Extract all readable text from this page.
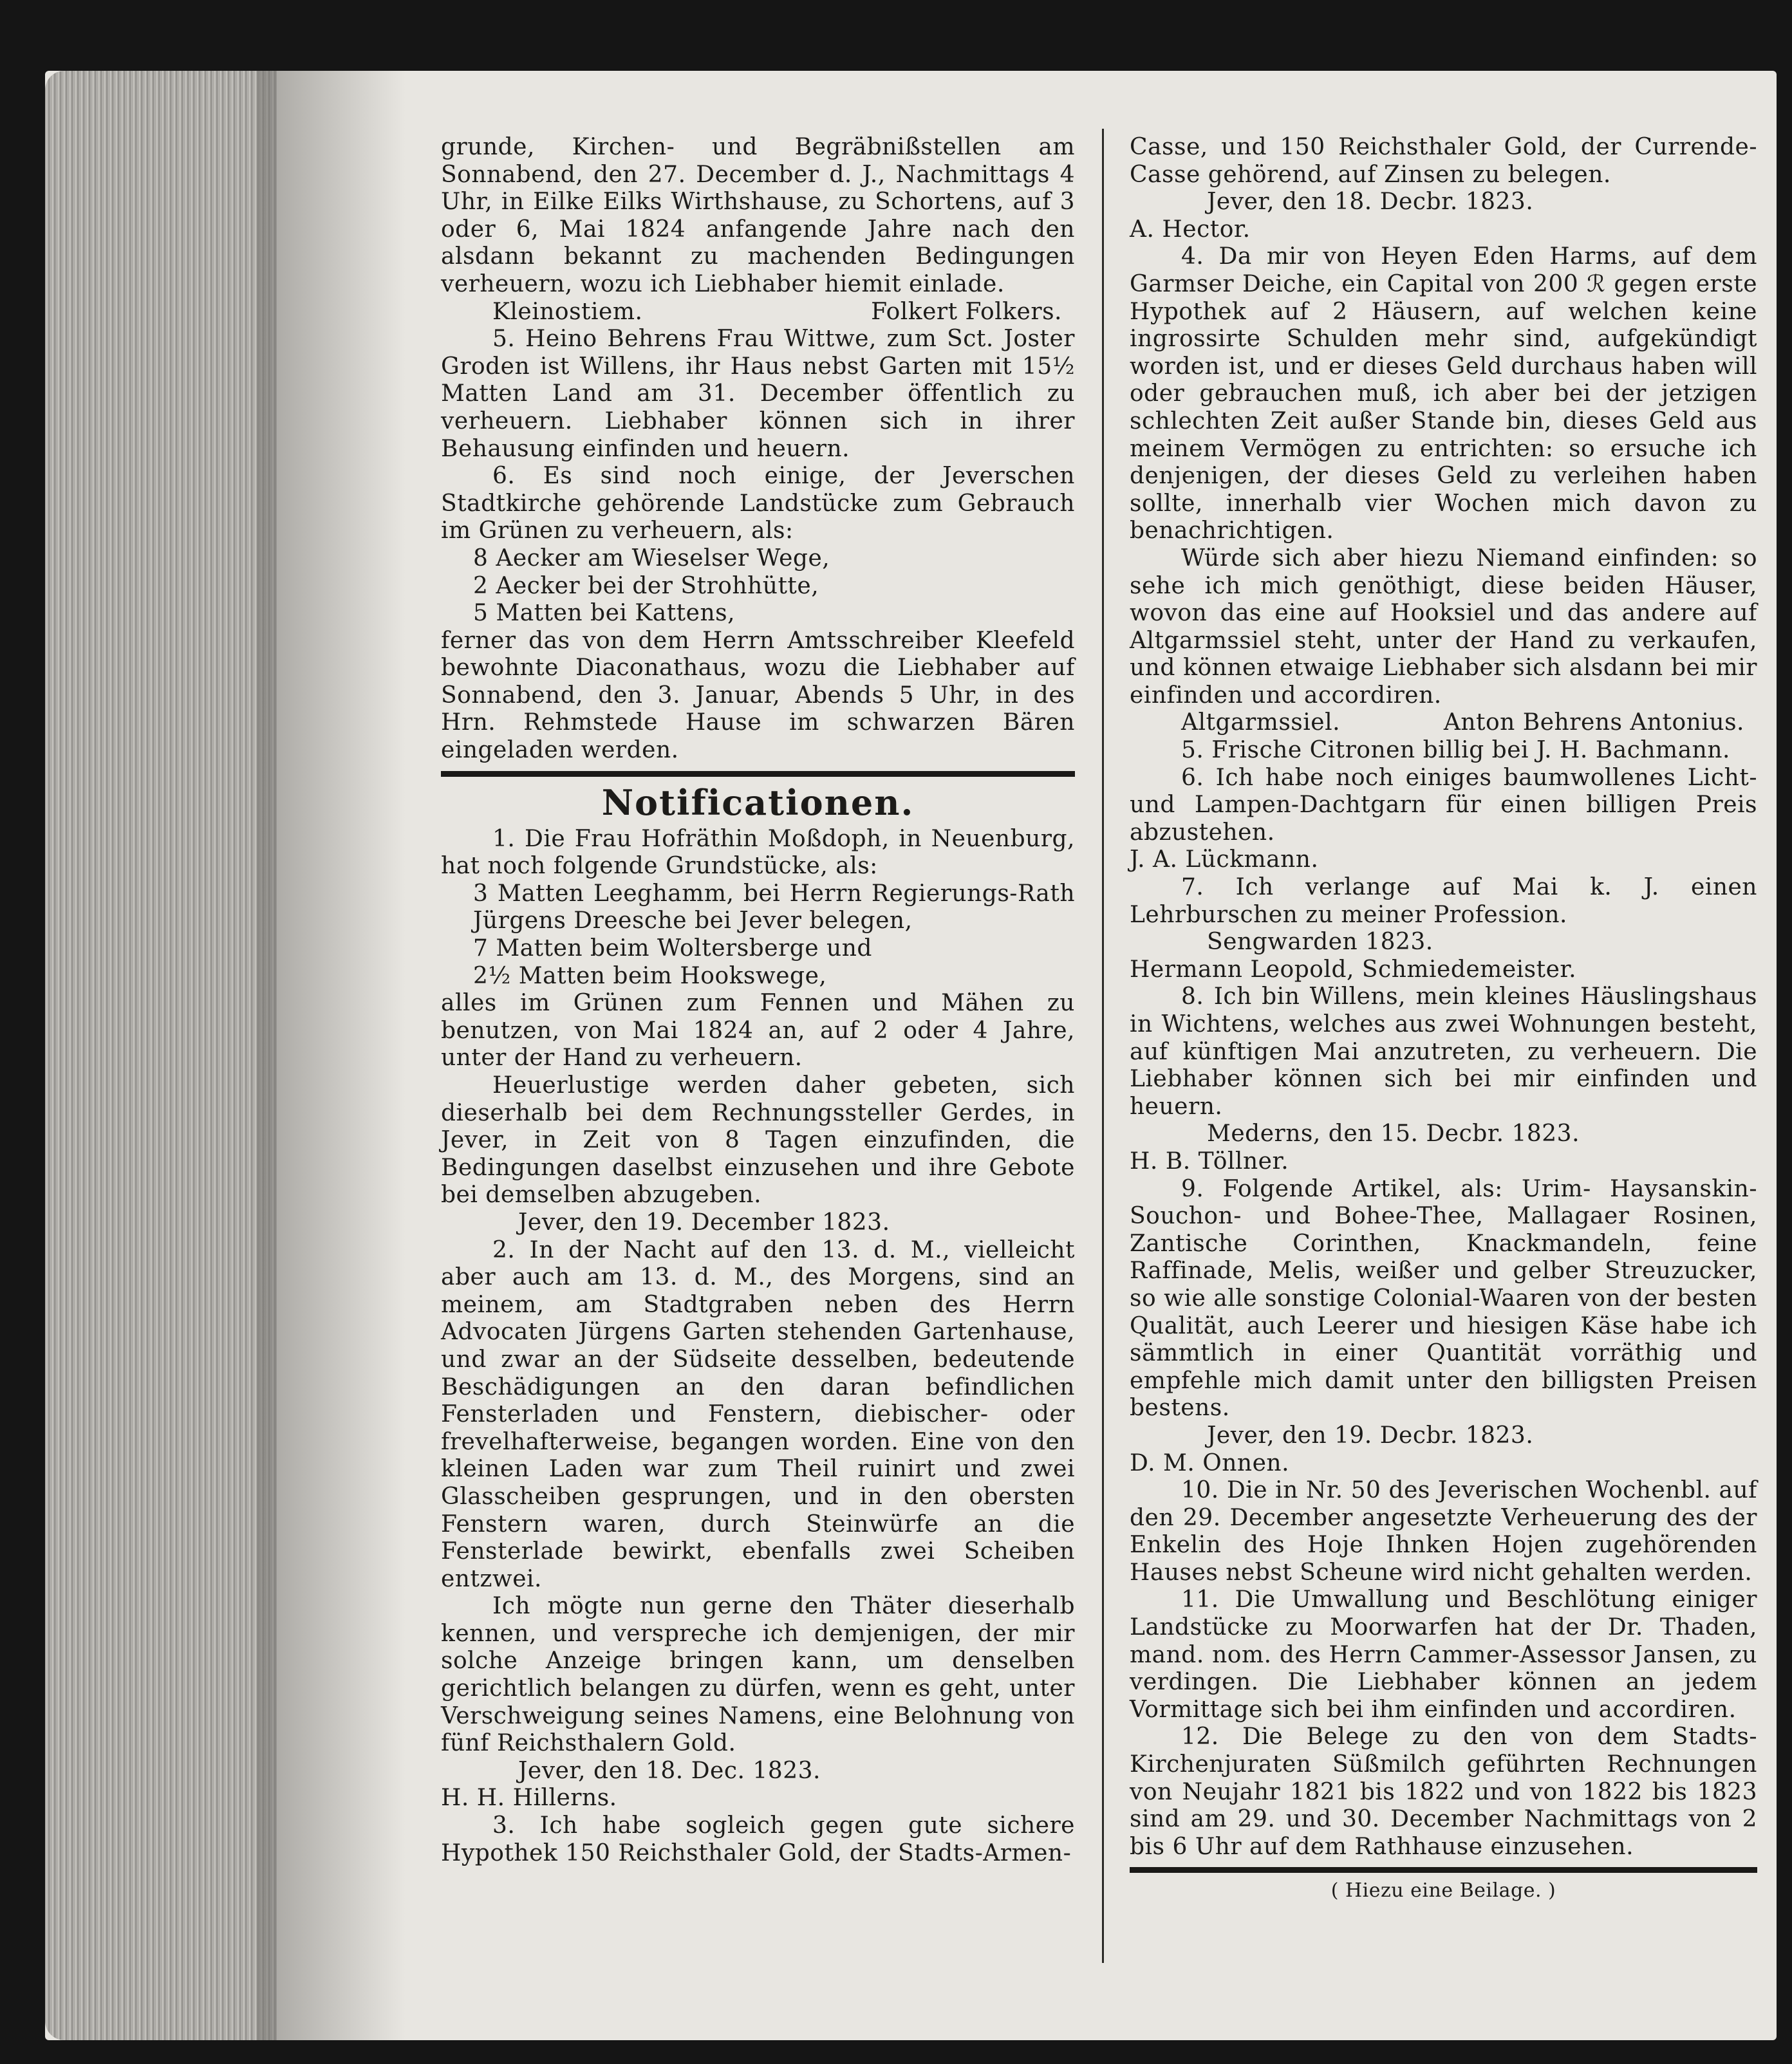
grunde, Kirchen- und Begräbnißstellen am Sonnabend, den 27. December d. J., Nachmittags 4 Uhr, in Eilke Eilks Wirthshause, zu Schortens, auf 3 oder 6, Mai 1824 anfangende Jahre nach den alsdann bekannt zu machenden Bedingungen verheuern, wozu ich Liebhaber hiemit einlade.

Kleinostiem.	Folkert Folkers.

5. Heino Behrens Frau Wittwe, zum Sct. Joster Groden ist Willens, ihr Haus nebst Garten mit 15½ Matten Land am 31. December öffentlich zu verheuern. Liebhaber können sich in ihrer Behausung einfinden und heuern.

6. Es sind noch einige, der Jeverschen Stadtkirche gehörende Landstücke zum Gebrauch im Grünen zu verheuern, als:

8 Aecker am Wieselser Wege,

2 Aecker bei der Strohhütte,

5 Matten bei Kattens,

ferner das von dem Herrn Amtsschreiber Kleefeld bewohnte Diaconathaus, wozu die Liebhaber auf Sonnabend, den 3. Januar, Abends 5 Uhr, in des Hrn. Rehmstede Hause im schwarzen Bären eingeladen werden.

Notificationen.

1. Die Frau Hofräthin Moßdoph, in Neuenburg, hat noch folgende Grundstücke, als:

3 Matten Leeghamm, bei Herrn Regierungs-Rath Jürgens Dreesche bei Jever belegen,

7 Matten beim Woltersberge und

2½ Matten beim Hookswege,

alles im Grünen zum Fennen und Mähen zu benutzen, von Mai 1824 an, auf 2 oder 4 Jahre, unter der Hand zu verheuern.

Heuerlustige werden daher gebeten, sich dieserhalb bei dem Rechnungssteller Gerdes, in Jever, in Zeit von 8 Tagen einzufinden, die Bedingungen daselbst einzusehen und ihre Gebote bei demselben abzugeben.

Jever, den 19. December 1823.

2. In der Nacht auf den 13. d. M., vielleicht aber auch am 13. d. M., des Morgens, sind an meinem, am Stadtgraben neben des Herrn Advocaten Jürgens Garten stehenden Gartenhause, und zwar an der Südseite desselben, bedeutende Beschädigungen an den daran befindlichen Fensterladen und Fenstern, diebischer- oder frevelhafterweise, begangen worden. Eine von den kleinen Laden war zum Theil ruinirt und zwei Glasscheiben gesprungen, und in den obersten Fenstern waren, durch Steinwürfe an die Fensterlade bewirkt, ebenfalls zwei Scheiben entzwei.

Ich mögte nun gerne den Thäter dieserhalb kennen, und verspreche ich demjenigen, der mir solche Anzeige bringen kann, um denselben gerichtlich belangen zu dürfen, wenn es geht, unter Verschweigung seines Namens, eine Belohnung von fünf Reichsthalern Gold.

Jever, den 18. Dec. 1823.

H. H. Hillerns.

3. Ich habe sogleich gegen gute sichere Hypothek 150 Reichsthaler Gold, der Stadts-Armen-

Casse, und 150 Reichsthaler Gold, der Currende-Casse gehörend, auf Zinsen zu belegen.

Jever, den 18. Decbr. 1823.

A. Hector.

4. Da mir von Heyen Eden Harms, auf dem Garmser Deiche, ein Capital von 200 ℛ gegen erste Hypothek auf 2 Häusern, auf welchen keine ingrossirte Schulden mehr sind, aufgekündigt worden ist, und er dieses Geld durchaus haben will oder gebrauchen muß, ich aber bei der jetzigen schlechten Zeit außer Stande bin, dieses Geld aus meinem Vermögen zu entrichten: so ersuche ich denjenigen, der dieses Geld zu verleihen haben sollte, innerhalb vier Wochen mich davon zu benachrichtigen.

Würde sich aber hiezu Niemand einfinden: so sehe ich mich genöthigt, diese beiden Häuser, wovon das eine auf Hooksiel und das andere auf Altgarmssiel steht, unter der Hand zu verkaufen, und können etwaige Liebhaber sich alsdann bei mir einfinden und accordiren.

Altgarmssiel.	Anton Behrens Antonius.

5. Frische Citronen billig bei J. H. Bachmann.

6. Ich habe noch einiges baumwollenes Licht- und Lampen-Dachtgarn für einen billigen Preis abzustehen.

J. A. Lückmann.

7. Ich verlange auf Mai k. J. einen Lehrburschen zu meiner Profession.

Sengwarden 1823.

Hermann Leopold, Schmiedemeister.

8. Ich bin Willens, mein kleines Häuslingshaus in Wichtens, welches aus zwei Wohnungen besteht, auf künftigen Mai anzutreten, zu verheuern. Die Liebhaber können sich bei mir einfinden und heuern.

Mederns, den 15. Decbr. 1823.

H. B. Töllner.

9. Folgende Artikel, als: Urim- Haysanskin-Souchon- und Bohee-Thee, Mallagaer Rosinen, Zantische Corinthen, Knackmandeln, feine Raffinade, Melis, weißer und gelber Streuzucker, so wie alle sonstige Colonial-Waaren von der besten Qualität, auch Leerer und hiesigen Käse habe ich sämmtlich in einer Quantität vorräthig und empfehle mich damit unter den billigsten Preisen bestens.

Jever, den 19. Decbr. 1823.

D. M. Onnen.

10. Die in Nr. 50 des Jeverischen Wochenbl. auf den 29. December angesetzte Verheuerung des der Enkelin des Hoje Ihnken Hojen zugehörenden Hauses nebst Scheune wird nicht gehalten werden.

11. Die Umwallung und Beschlötung einiger Landstücke zu Moorwarfen hat der Dr. Thaden, mand. nom. des Herrn Cammer-Assessor Jansen, zu verdingen. Die Liebhaber können an jedem Vormittage sich bei ihm einfinden und accordiren.

12. Die Belege zu den von dem Stadts-Kirchenjuraten Süßmilch geführten Rechnungen von Neujahr 1821 bis 1822 und von 1822 bis 1823 sind am 29. und 30. December Nachmittags von 2 bis 6 Uhr auf dem Rathhause einzusehen.

( Hiezu eine Beilage. )
